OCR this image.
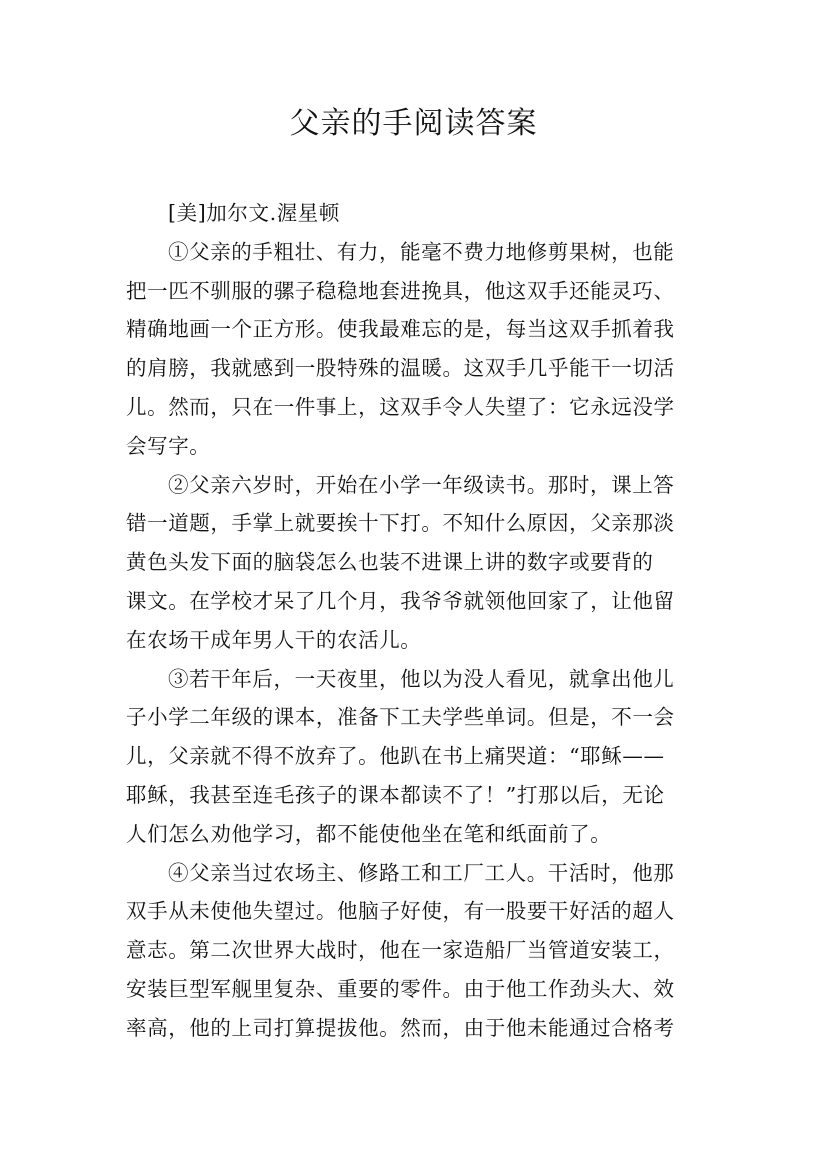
父亲的手阅读答案
[美]加尔文.渥星顿
①父亲的手粗壮、有力，能毫不费力地修剪果树，也能
把一匹不驯服的骡子稳稳地套进挽具，他这双手还能灵巧、
精确地画一个正方形。使我最难忘的是，每当这双手抓着我
的肩膀，我就感到一股特殊的温暖。这双手几乎能干一切活
儿。然而，只在一件事上，这双手令人失望了：它永远没学
会写字。
②父亲六岁时，开始在小学一年级读书。那时，课上答
错一道题，手掌上就要挨十下打。不知什么原因，父亲那淡
黄色头发下面的脑袋怎么也装不进课上讲的数字或要背的
课文。在学校才呆了几个月，我爷爷就领他回家了，让他留
在农场干成年男人干的农活儿。
③若干年后，一天夜里，他以为没人看见，就拿出他儿
子小学二年级的课本，准备下工夫学些单词。但是，不一会
儿，父亲就不得不放弃了。他趴在书上痛哭道：“耶稣——
耶稣，我甚至连毛孩子的课本都读不了！”打那以后，无论
人们怎么劝他学习，都不能使他坐在笔和纸面前了。
④父亲当过农场主、修路工和工厂工人。干活时，他那
双手从未使他失望过。他脑子好使，有一股要干好活的超人
意志。第二次世界大战时，他在一家造船厂当管道安装工，
安装巨型军舰里复杂、重要的零件。由于他工作劲头大、效
率高，他的上司打算提拔他。然而，由于他未能通过合格考
